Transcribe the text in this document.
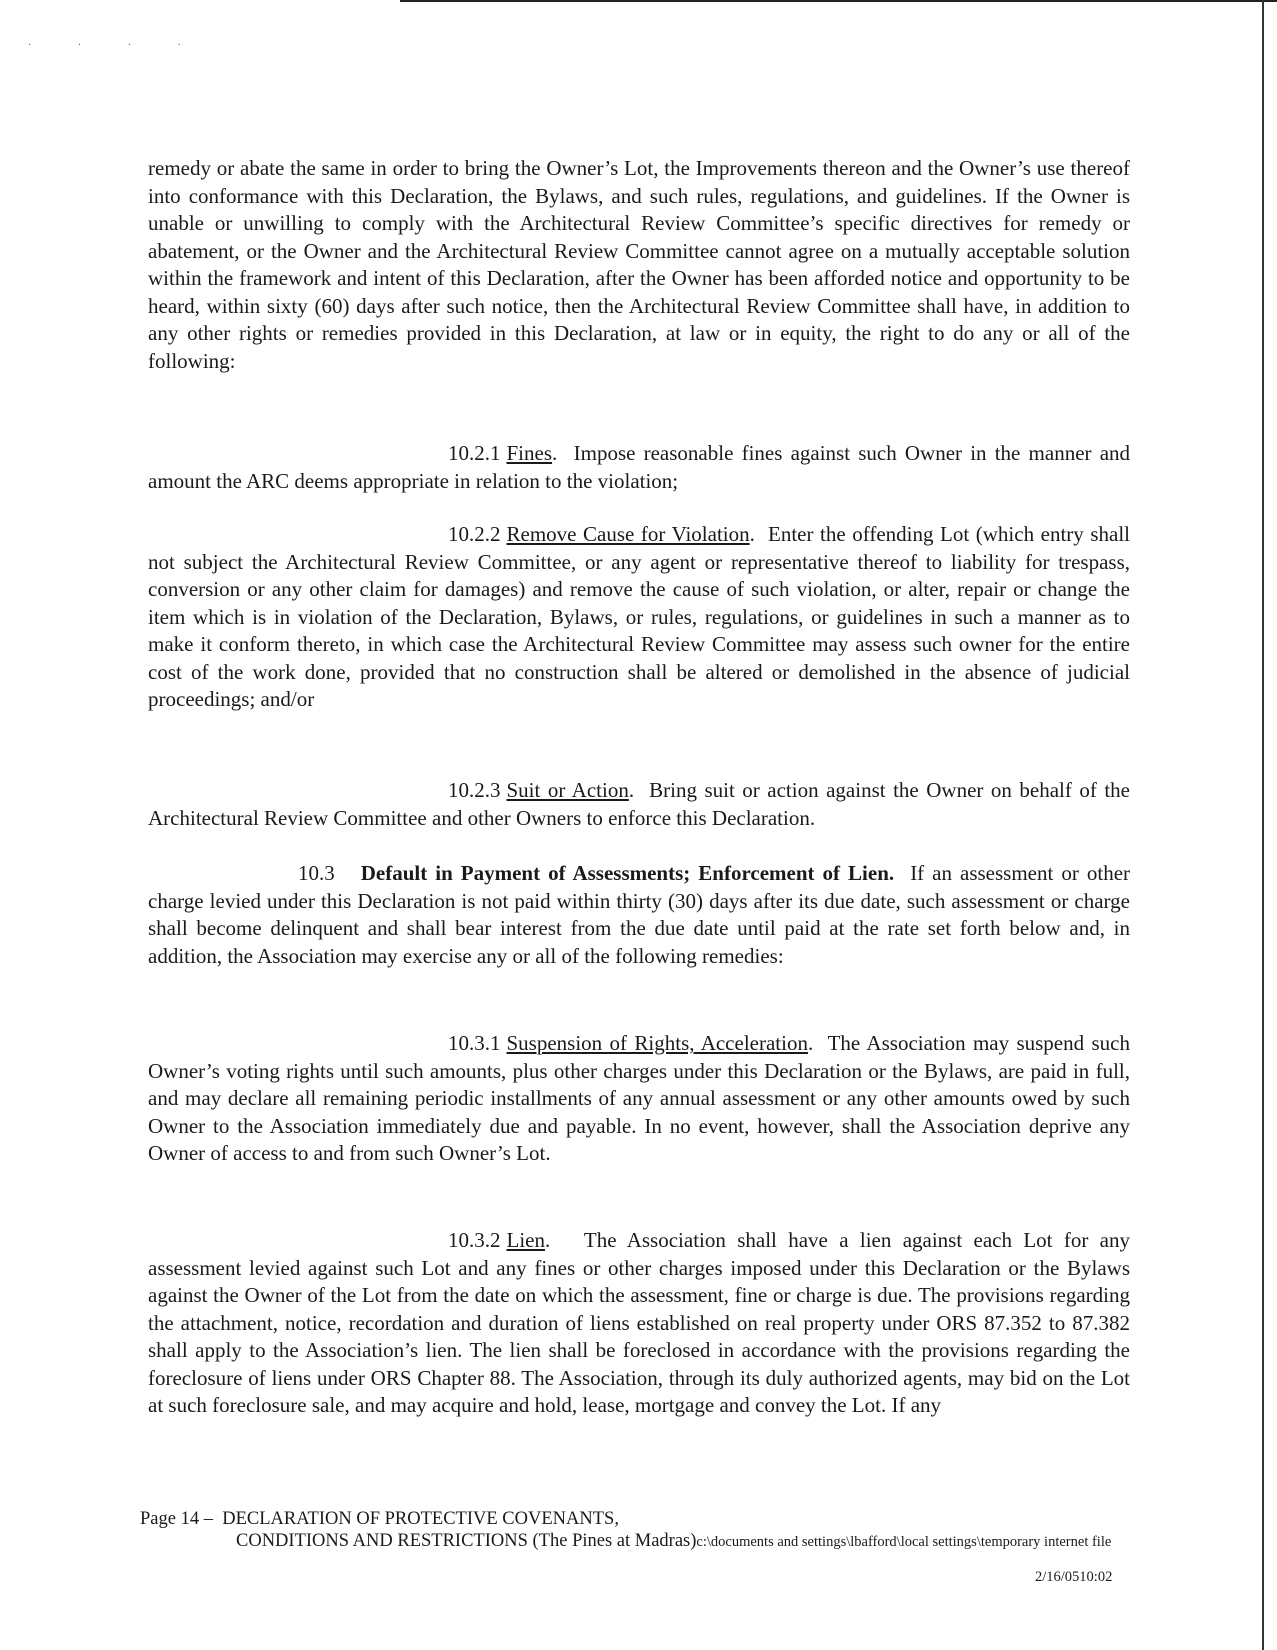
· · · ·

remedy or abate the same in order to bring the Owner’s Lot, the Improvements thereon and the Owner’s use thereof into conformance with this Declaration, the Bylaws, and such rules, regulations, and guidelines. If the Owner is unable or unwilling to comply with the Architectural Review Committee’s specific directives for remedy or abatement, or the Owner and the Architectural Review Committee cannot agree on a mutually acceptable solution within the framework and intent of this Declaration, after the Owner has been afforded notice and opportunity to be heard, within sixty (60) days after such notice, then the Architectural Review Committee shall have, in addition to any other rights or remedies provided in this Declaration, at law or in equity, the right to do any or all of the following:

10.2.1 Fines.  Impose reasonable fines against such Owner in the manner and amount the ARC deems appropriate in relation to the violation;

10.2.2 Remove Cause for Violation.  Enter the offending Lot (which entry shall not subject the Architectural Review Committee, or any agent or representative thereof to liability for trespass, conversion or any other claim for damages) and remove the cause of such violation, or alter, repair or change the item which is in violation of the Declaration, Bylaws, or rules, regulations, or guidelines in such a manner as to make it conform thereto, in which case the Architectural Review Committee may assess such owner for the entire cost of the work done, provided that no construction shall be altered or demolished in the absence of judicial proceedings; and/or

10.2.3 Suit or Action.  Bring suit or action against the Owner on behalf of the Architectural Review Committee and other Owners to enforce this Declaration.

10.3 Default in Payment of Assessments; Enforcement of Lien. If an assessment or other charge levied under this Declaration is not paid within thirty (30) days after its due date, such assessment or charge shall become delinquent and shall bear interest from the due date until paid at the rate set forth below and, in addition, the Association may exercise any or all of the following remedies:

10.3.1 Suspension of Rights, Acceleration.  The Association may suspend such Owner’s voting rights until such amounts, plus other charges under this Declaration or the Bylaws, are paid in full, and may declare all remaining periodic installments of any annual assessment or any other amounts owed by such Owner to the Association immediately due and payable. In no event, however, shall the Association deprive any Owner of access to and from such Owner’s Lot.

10.3.2 Lien.   The Association shall have a lien against each Lot for any assessment levied against such Lot and any fines or other charges imposed under this Declaration or the Bylaws against the Owner of the Lot from the date on which the assessment, fine or charge is due. The provisions regarding the attachment, notice, recordation and duration of liens established on real property under ORS 87.352 to 87.382 shall apply to the Association’s lien. The lien shall be foreclosed in accordance with the provisions regarding the foreclosure of liens under ORS Chapter 88. The Association, through its duly authorized agents, may bid on the Lot at such foreclosure sale, and may acquire and hold, lease, mortgage and convey the Lot. If any

Page 14 – DECLARATION OF PROTECTIVE COVENANTS,
CONDITIONS AND RESTRICTIONS (The Pines at Madras)c:\documents and settings\lbafford\local settings\temporary internet filе
2/16/0510:02
